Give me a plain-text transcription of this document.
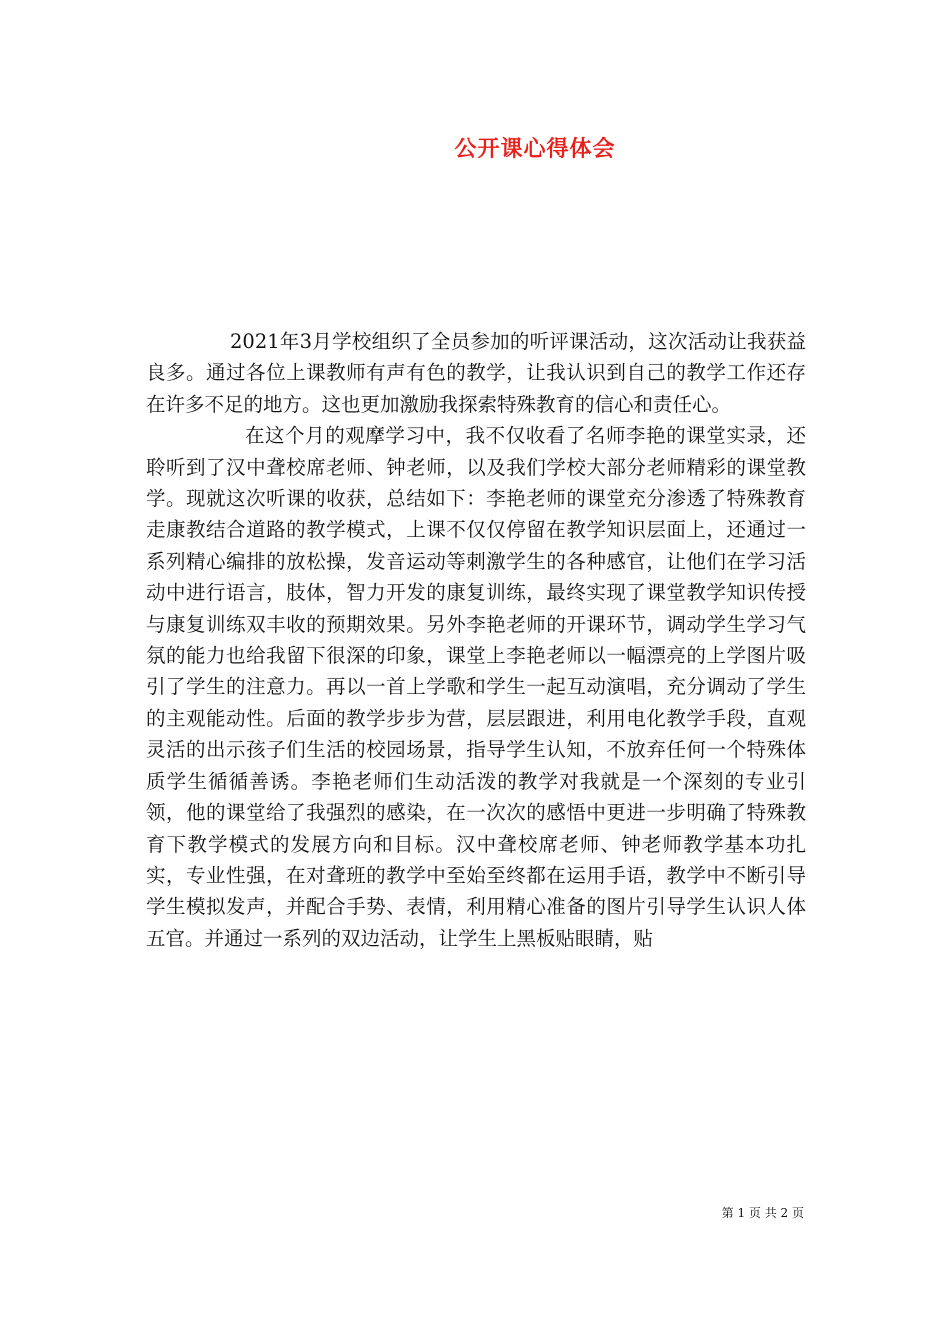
公开课心得体会

2021年3月学校组织了全员参加的听评课活动，这次活动让我获益良多。通过各位上课教师有声有色的教学，让我认识到自己的教学工作还存在许多不足的地方。这也更加激励我探索特殊教育的信心和责任心。

在这个月的观摩学习中，我不仅收看了名师李艳的课堂实录，还聆听到了汉中聋校席老师、钟老师，以及我们学校大部分老师精彩的课堂教学。现就这次听课的收获，总结如下：李艳老师的课堂充分渗透了特殊教育走康教结合道路的教学模式，上课不仅仅停留在教学知识层面上，还通过一系列精心编排的放松操，发音运动等刺激学生的各种感官，让他们在学习活动中进行语言，肢体，智力开发的康复训练，最终实现了课堂教学知识传授与康复训练双丰收的预期效果。另外李艳老师的开课环节，调动学生学习气氛的能力也给我留下很深的印象，课堂上李艳老师以一幅漂亮的上学图片吸引了学生的注意力。再以一首上学歌和学生一起互动演唱，充分调动了学生的主观能动性。后面的教学步步为营，层层跟进，利用电化教学手段，直观灵活的出示孩子们生活的校园场景，指导学生认知，不放弃任何一个特殊体质学生循循善诱。李艳老师们生动活泼的教学对我就是一个深刻的专业引领，他的课堂给了我强烈的感染，在一次次的感悟中更进一步明确了特殊教育下教学模式的发展方向和目标。汉中聋校席老师、钟老师教学基本功扎实，专业性强，在对聋班的教学中至始至终都在运用手语，教学中不断引导学生模拟发声，并配合手势、表情，利用精心准备的图片引导学生认识人体五官。并通过一系列的双边活动，让学生上黑板贴眼睛，贴

第 1 页 共 2 页
